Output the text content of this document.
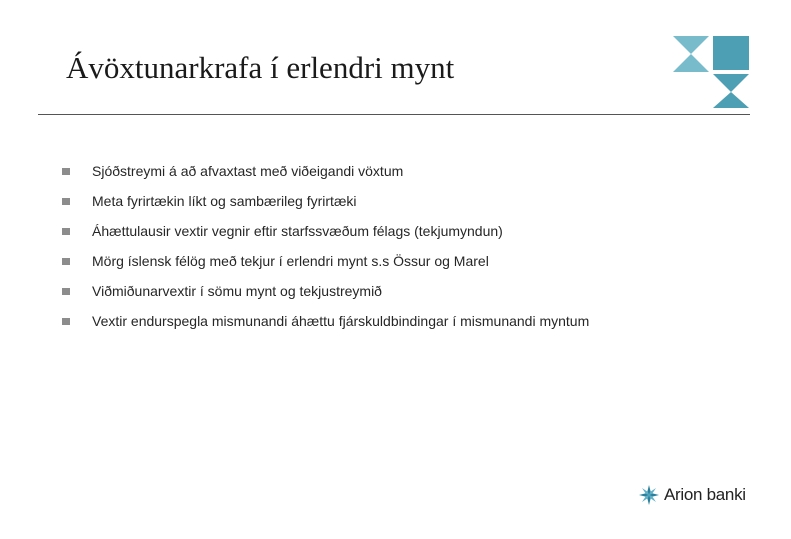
Ávöxtunarkrafa í erlendri mynt
Sjóðstreymi á að afvaxtast með viðeigandi vöxtum
Meta fyrirtækin líkt og sambærileg fyrirtæki
Áhættulausir vextir vegnir eftir starfssvæðum félags (tekjumyndun)
Mörg íslensk félög með tekjur í erlendri mynt s.s Össur og Marel
Viðmiðunarvextir í sömu mynt og tekjustreymið
Vextir endurspegla mismunandi áhættu fjárskuldbindingar í mismunandi myntum
Arion banki
